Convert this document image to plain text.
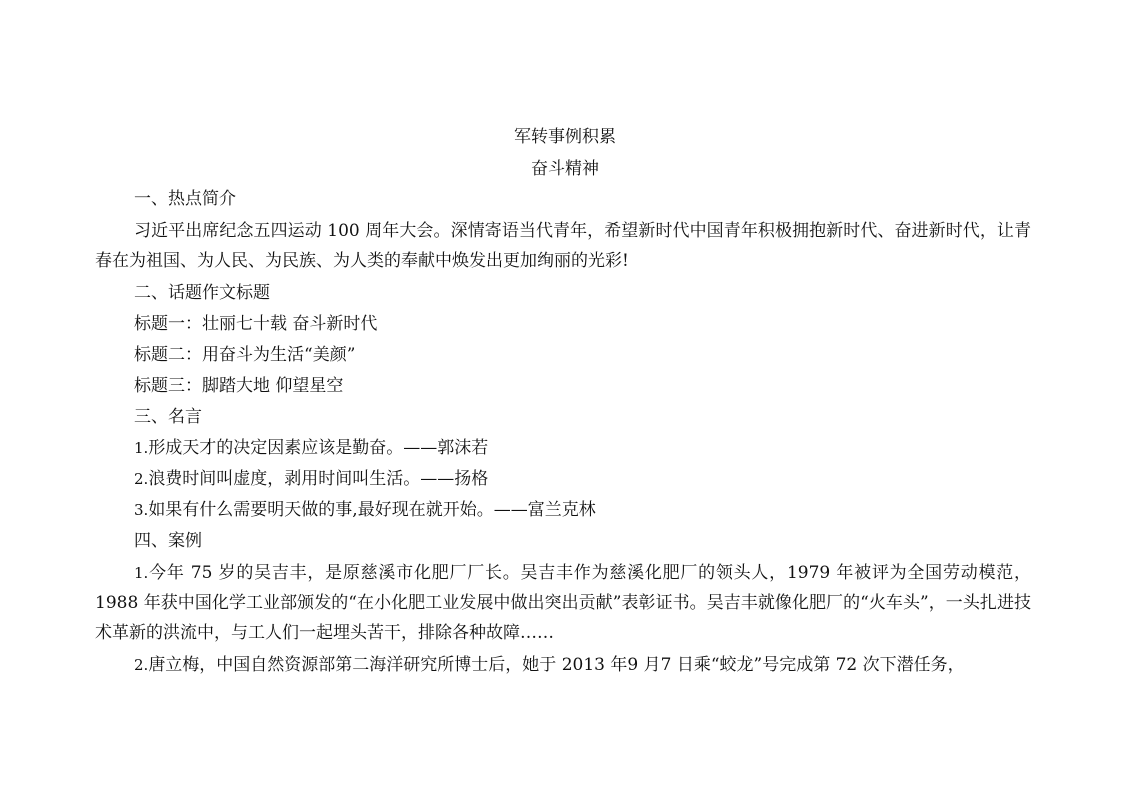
军转事例积累
奋斗精神
一、热点简介
习近平出席纪念五四运动 100 周年大会。深情寄语当代青年，希望新时代中国青年积极拥抱新时代、奋进新时代，让青春在为祖国、为人民、为民族、为人类的奉献中焕发出更加绚丽的光彩!
二、话题作文标题
标题一：壮丽七十载 奋斗新时代
标题二：用奋斗为生活“美颜”
标题三：脚踏大地 仰望星空
三、名言
1.形成天才的决定因素应该是勤奋。——郭沫若
2.浪费时间叫虚度，剥用时间叫生活。——扬格
3.如果有什么需要明天做的事,最好现在就开始。——富兰克林
四、案例
1.今年 75 岁的吴吉丰，是原慈溪市化肥厂厂长。吴吉丰作为慈溪化肥厂的领头人，1979 年被评为全国劳动模范，1988 年获中国化学工业部颁发的“在小化肥工业发展中做出突出贡献”表彰证书。吴吉丰就像化肥厂的“火车头”，一头扎进技术革新的洪流中，与工人们一起埋头苦干，排除各种故障……
2.唐立梅，中国自然资源部第二海洋研究所博士后，她于 2013 年9 月7 日乘“蛟龙”号完成第 72 次下潜任务，
